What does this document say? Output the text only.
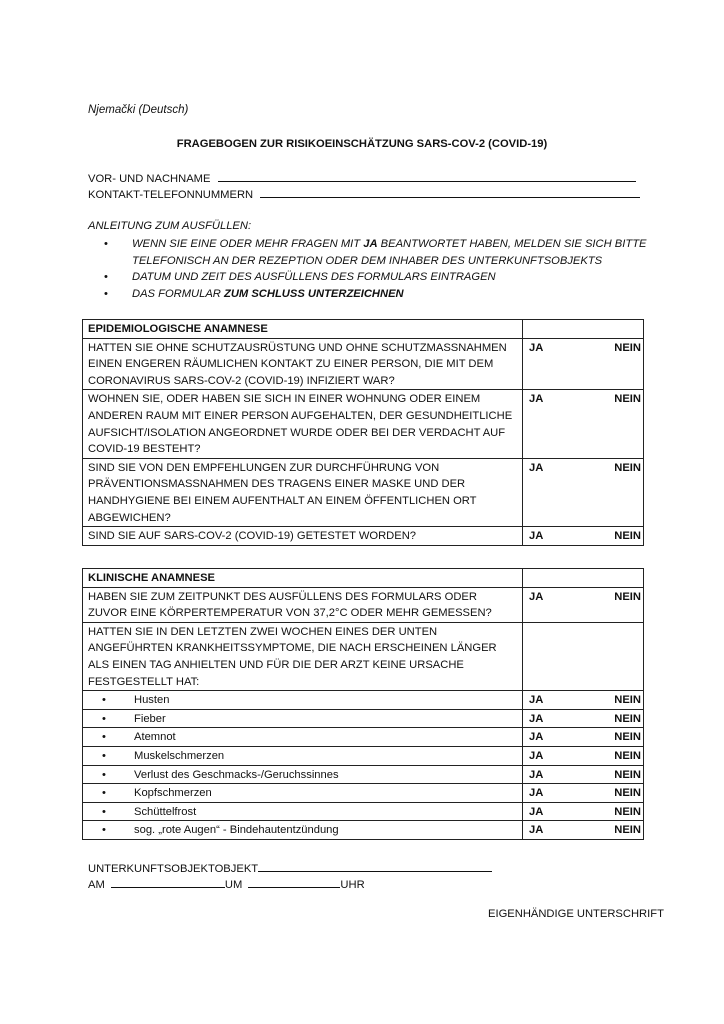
Njemački (Deutsch)
FRAGEBOGEN ZUR RISIKOEINSCHÄTZUNG SARS-COV-2 (COVID-19)
VOR- UND NACHNAME
KONTAKT-TELEFONNUMMERN
ANLEITUNG ZUM AUSFÜLLEN:
•	WENN SIE EINE ODER MEHR FRAGEN MIT JA BEANTWORTET HABEN, MELDEN SIE SICH BITTE TELEFONISCH AN DER REZEPTION ODER DEM INHABER DES UNTERKUNFTSOBJEKTS
•	DATUM UND ZEIT DES AUSFÜLLENS DES FORMULARS EINTRAGEN
•	DAS FORMULAR ZUM SCHLUSS UNTERZEICHNEN
EPIDEMIOLOGISCHE ANAMNESE	
HATTEN SIE OHNE SCHUTZAUSRÜSTUNG UND OHNE SCHUTZMASSNAHMEN EINEN ENGEREN RÄUMLICHEN KONTAKT ZU EINER PERSON, DIE MIT DEM CORONAVIRUS SARS-COV-2 (COVID-19) INFIZIERT WAR?	JA NEIN

WOHNEN SIE, ODER HABEN SIE SICH IN EINER WOHNUNG ODER EINEM ANDEREN RAUM MIT EINER PERSON AUFGEHALTEN, DER GESUNDHEITLICHE AUFSICHT/ISOLATION ANGEORDNET WURDE ODER BEI DER VERDACHT AUF COVID-19 BESTEHT?	JA NEIN

SIND SIE VON DEN EMPFEHLUNGEN ZUR DURCHFÜHRUNG VON PRÄVENTIONSMASSNAHMEN DES TRAGENS EINER MASKE UND DER HANDHYGIENE BEI EINEM AUFENTHALT AN EINEM ÖFFENTLICHEN ORT ABGEWICHEN?	JA NEIN

SIND SIE AUF SARS-COV-2 (COVID-19) GETESTET WORDEN?	JA NEIN
KLINISCHE ANAMNESE	
HABEN SIE ZUM ZEITPUNKT DES AUSFÜLLENS DES FORMULARS ODER ZUVOR EINE KÖRPERTEMPERATUR VON 37,2°C ODER MEHR GEMESSEN?	JA NEIN

HATTEN SIE IN DEN LETZTEN ZWEI WOCHEN EINES DER UNTEN ANGEFÜHRTEN KRANKHEITSSYMPTOME, DIE NACH ERSCHEINEN LÄNGER ALS EINEN TAG ANHIELTEN UND FÜR DIE DER ARZT KEINE URSACHE FESTGESTELLT HAT:	

• Husten	JA NEIN

• Fieber	JA NEIN

• Atemnot	JA NEIN

• Muskelschmerzen	JA NEIN

• Verlust des Geschmacks-/Geruchssinnes	JA NEIN

• Kopfschmerzen	JA NEIN

• Schüttelfrost	JA NEIN

• sog. „rote Augen“ - Bindehautentzündung	JA NEIN
UNTERKUNFTSOBJEKTOBJEKT
AM	UM	UHR
EIGENHÄNDIGE UNTERSCHRIFT
